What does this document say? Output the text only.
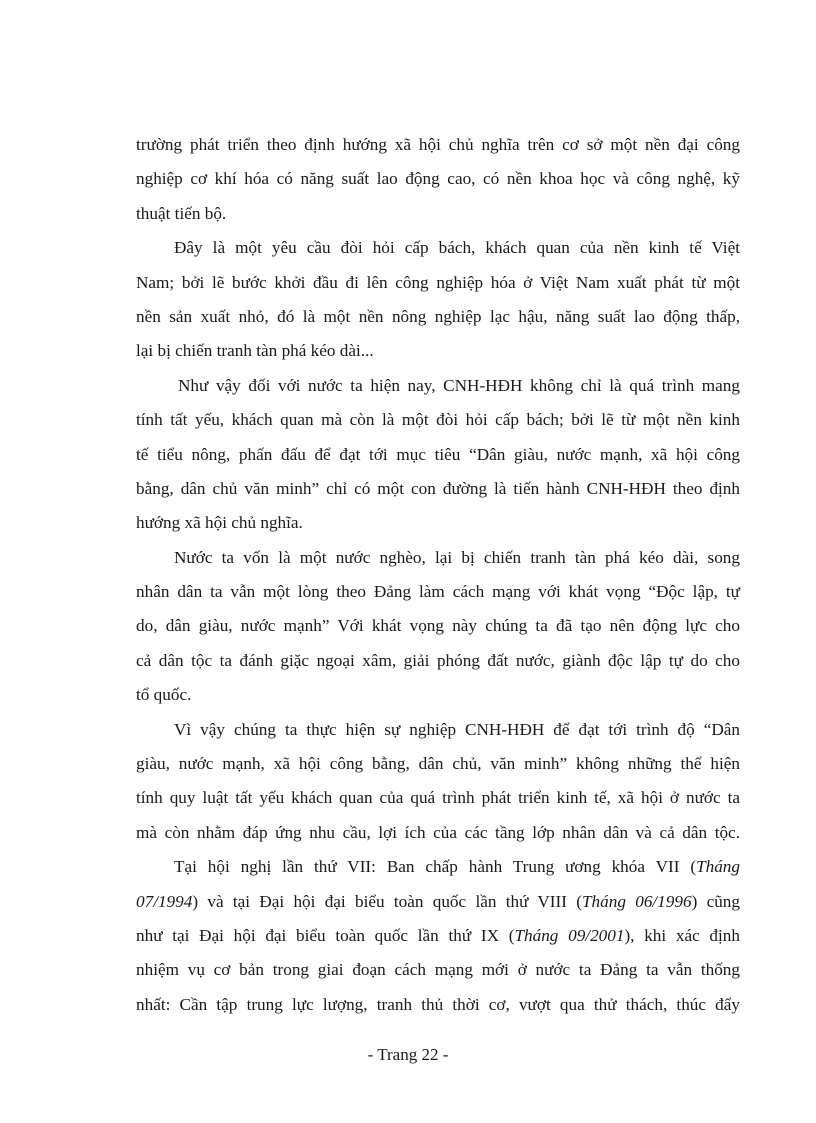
trường phát triển theo định hướng xã hội chủ nghĩa trên cơ sở một nền đại công
nghiệp cơ khí hóa có năng suất lao động cao, có nền khoa học và công nghệ, kỹ
thuật tiến bộ.
Đây là một yêu cầu đòi hỏi cấp bách, khách quan của nền kinh tế Việt
Nam; bởi lẽ bước khởi đầu đi lên công nghiệp hóa ở Việt Nam xuất phát từ một
nền sản xuất nhỏ, đó là một nền nông nghiệp lạc hậu, năng suất lao động thấp,
lại bị chiến tranh tàn phá kéo dài...
Như vậy đối với nước ta hiện nay, CNH-HĐH không chỉ là quá trình mang
tính tất yếu, khách quan mà còn là một đòi hỏi cấp bách; bởi lẽ từ một nền kinh
tế tiểu nông, phấn đấu để đạt tới mục tiêu “Dân giàu, nước mạnh, xã hội công
bằng, dân chủ văn minh” chỉ có một con đường là tiến hành CNH-HĐH theo định
hướng xã hội chủ nghĩa.
Nước ta vốn là một nước nghèo, lại bị chiến tranh tàn phá kéo dài, song
nhân dân ta vẫn một lòng theo Đảng làm cách mạng với khát vọng “Độc lập, tự
do, dân giàu, nước mạnh” Với khát vọng này chúng ta đã tạo nên động lực cho
cả dân tộc ta đánh giặc ngoại xâm, giải phóng đất nước, giành độc lập tự do cho
tổ quốc.
Vì vậy chúng ta thực hiện sự nghiệp CNH-HĐH để đạt tới trình độ “Dân
giàu, nước mạnh, xã hội công bằng, dân chủ, văn minh” không những thể hiện
tính quy luật tất yếu khách quan của quá trình phát triển kinh tế, xã hội ở nước ta
mà còn nhằm đáp ứng nhu cầu, lợi ích của các tầng lớp nhân dân và cả dân tộc.
Tại hội nghị lần thứ VII: Ban chấp hành Trung ương khóa VII (Tháng
07/1994) và tại Đại hội đại biểu toàn quốc lần thứ VIII (Tháng 06/1996) cũng
như tại Đại hội đại biểu toàn quốc lần thứ IX (Tháng 09/2001), khi xác định
nhiệm vụ cơ bản trong giai đoạn cách mạng mới ở nước ta Đảng ta vẫn thống
nhất: Cần tập trung lực lượng, tranh thủ thời cơ, vượt qua thử thách, thúc đẩy
- Trang 22 -
